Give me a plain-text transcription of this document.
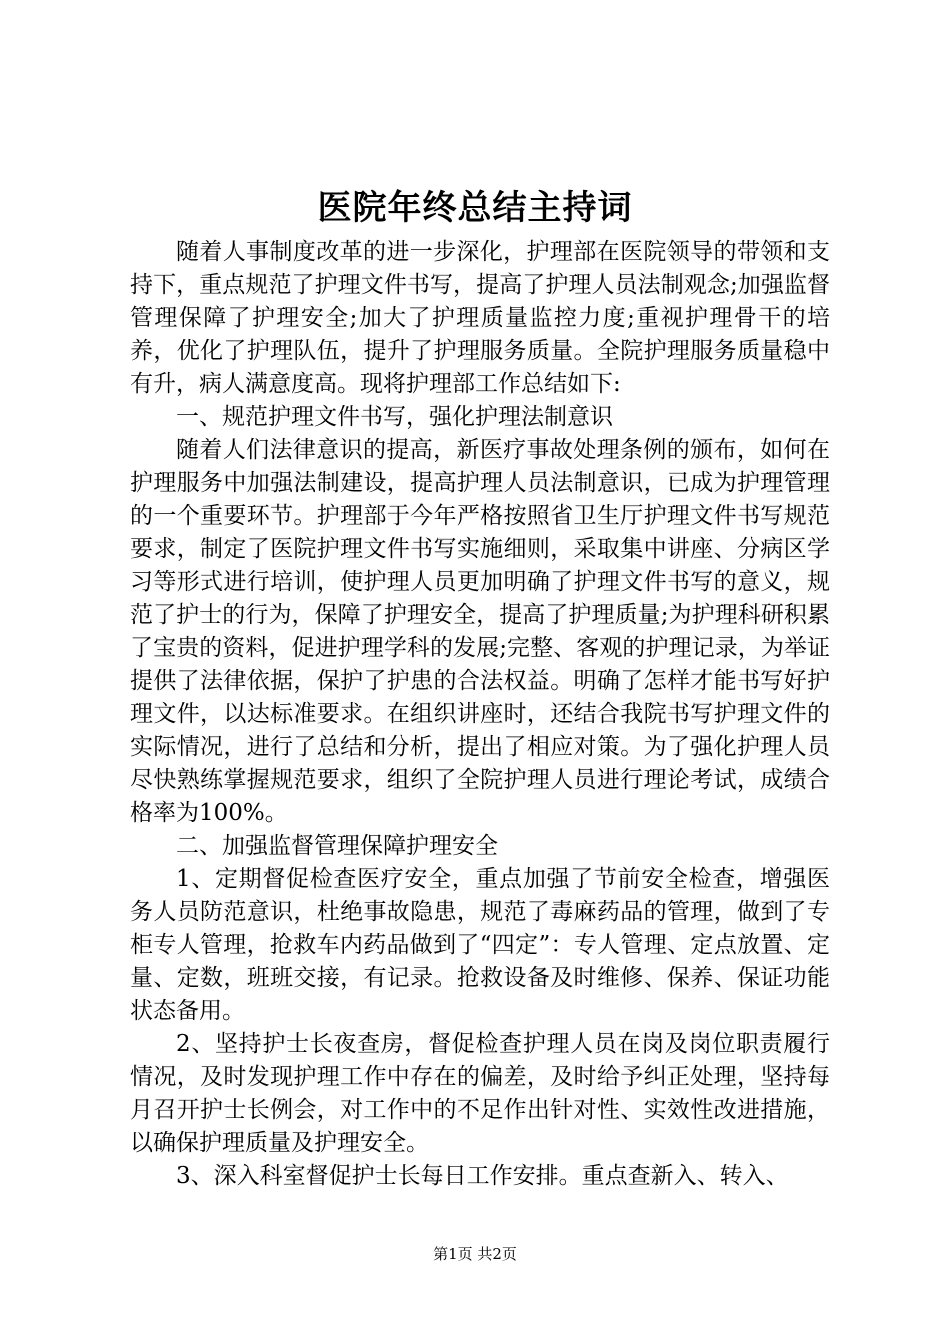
医院年终总结主持词

随着人事制度改革的进一步深化，护理部在医院领导的带领和支持下，重点规范了护理文件书写，提高了护理人员法制观念;加强监督管理保障了护理安全;加大了护理质量监控力度;重视护理骨干的培养，优化了护理队伍，提升了护理服务质量。全院护理服务质量稳中有升，病人满意度高。现将护理部工作总结如下:

一、规范护理文件书写，强化护理法制意识

随着人们法律意识的提高，新医疗事故处理条例的颁布，如何在护理服务中加强法制建设，提高护理人员法制意识，已成为护理管理的一个重要环节。护理部于今年严格按照省卫生厅护理文件书写规范要求，制定了医院护理文件书写实施细则，采取集中讲座、分病区学习等形式进行培训，使护理人员更加明确了护理文件书写的意义，规范了护士的行为，保障了护理安全，提高了护理质量;为护理科研积累了宝贵的资料，促进护理学科的发展;完整、客观的护理记录，为举证提供了法律依据，保护了护患的合法权益。明确了怎样才能书写好护理文件，以达标准要求。在组织讲座时，还结合我院书写护理文件的实际情况，进行了总结和分析，提出了相应对策。为了强化护理人员尽快熟练掌握规范要求，组织了全院护理人员进行理论考试，成绩合格率为100%。

二、加强监督管理保障护理安全

1、定期督促检查医疗安全，重点加强了节前安全检查，增强医务人员防范意识，杜绝事故隐患，规范了毒麻药品的管理，做到了专柜专人管理，抢救车内药品做到了“四定”：专人管理、定点放置、定量、定数，班班交接，有记录。抢救设备及时维修、保养、保证功能状态备用。

2、坚持护士长夜查房，督促检查护理人员在岗及岗位职责履行情况，及时发现护理工作中存在的偏差，及时给予纠正处理，坚持每月召开护士长例会，对工作中的不足作出针对性、实效性改进措施，以确保护理质量及护理安全。

3、深入科室督促护士长每日工作安排。重点查新入、转入、

第1页 共2页
